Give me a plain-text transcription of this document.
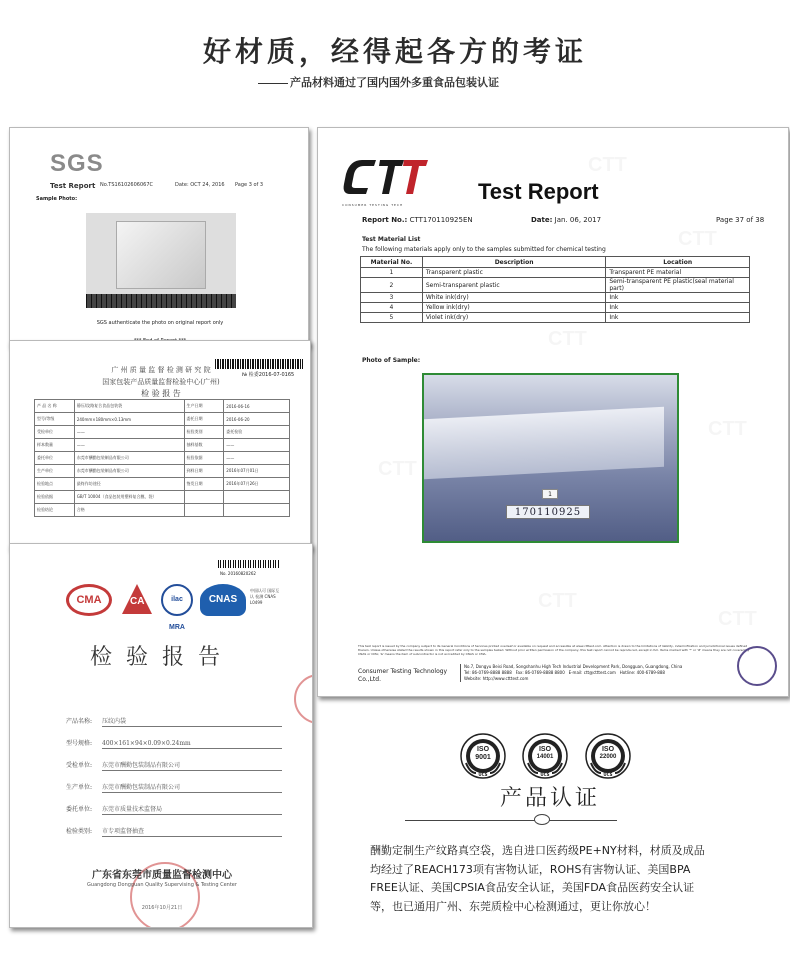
好材质，经得起各方的考证
产品材料通过了国内国外多重食品包装认证
SGS
Test Report No.TS16102606067C	Date: OCT 24, 2016 Page 3 of 3
Sample Photo:
SGS authenticate the photo on original report only
№ 检委2016-07-0165
广 州 质 量 监 督 检 测 研 究 院
国家包装产品质量监督检验中心(广州)
检 验 报 告
产 品 名 称	静压/纹路复合食品包装袋	生产日期	2016-06-16
型号/等级	240mm×180mm×0.13mm	委托日期	2016-06-20
受检单位	——	检验类别	委托检验
样本数量	——	抽样基数	——
委托单位	东莞市酬勤包装制品有限公司	检验依据	——
生产单位	东莞市酬勤包装制品有限公司	到样日期	2016年07月01日
检验地点	最终作坊途径	签发日期	2016年07月26日
检验依据	GB/T 10004（食品包装用塑料复合膜、袋）		
检验结论	合格		
No. 20160820262
CMA	CA	ilac MRA
CNAS
中国认可 国际互认 检测 CNAS L0499
检验报告
产品名称: 压纹内袋
型号规格: 400×161×94×0.09×0.24mm
受检单位: 东莞市酬勤包装制品有限公司
生产单位: 东莞市酬勤包装制品有限公司
委托单位: 东莞市质量技术监督局
检验类别: 市专项监督抽查
广东省东莞市质量监督检测中心
Guangdong Dongguan Quality Supervising & Testing Center
2016年10月21日
CONSUMER TESTING TECH
Test Report
Report No.: CTT170110925EN	Date: Jan. 06, 2017	Page 37 of 38
Test Material List
The following materials apply only to the samples submitted for chemical testing
Material No.	Description	Location
1	Transparent plastic	Transparent PE material
2	Semi-transparent plastic	Semi-transparent PE plastic(seal material part)
3	White ink(dry)	Ink
4	Yellow ink(dry)	Ink
5	Violet ink(dry)	Ink
Photo of Sample:
1
170110925
This test report is issued by the company subject to its General Conditions of Services printed overleaf or available on request and accessible at www.ctttest.com. Attention is drawn to the limitations of liability, indemnification and jurisdictional issues defined therein. Unless otherwise stated the results shown in this report refer only to the samples tested. Without prior written permission of the company, this test report cannot be reproduced, except in full. Items marked with '*' or '#' means they are not covered by CNAS or CMA; 'Δ' means the item of subcontractor is not accredited by CNAS or CMA.
Consumer Testing Technology Co.,Ltd.
No.7, Dongyu Beisi Road, Songshanhu High Tech Industrial Development Park, Dongguan, Guangdong, China
Tel: 86-0769-8888 8888 Fax: 86-0769-8888 8800 E-mail: ctt@ctttest.com Hotline: 400-6789-888
Website: http://www.ctttest.com
ISO
9001
UCS
ISO
14001
UCS
ISO
22000
UCS
产品认证
酬勤定制生产纹路真空袋，选自进口医药级PE+NY材料，材质及成品均经过了REACH173项有害物认证，ROHS有害物认证、美国BPA FREE认证、美国CPSIA食品安全认证，美国FDA食品医药安全认证等，也已通用广州、东莞质检中心检测通过，更让你放心！
